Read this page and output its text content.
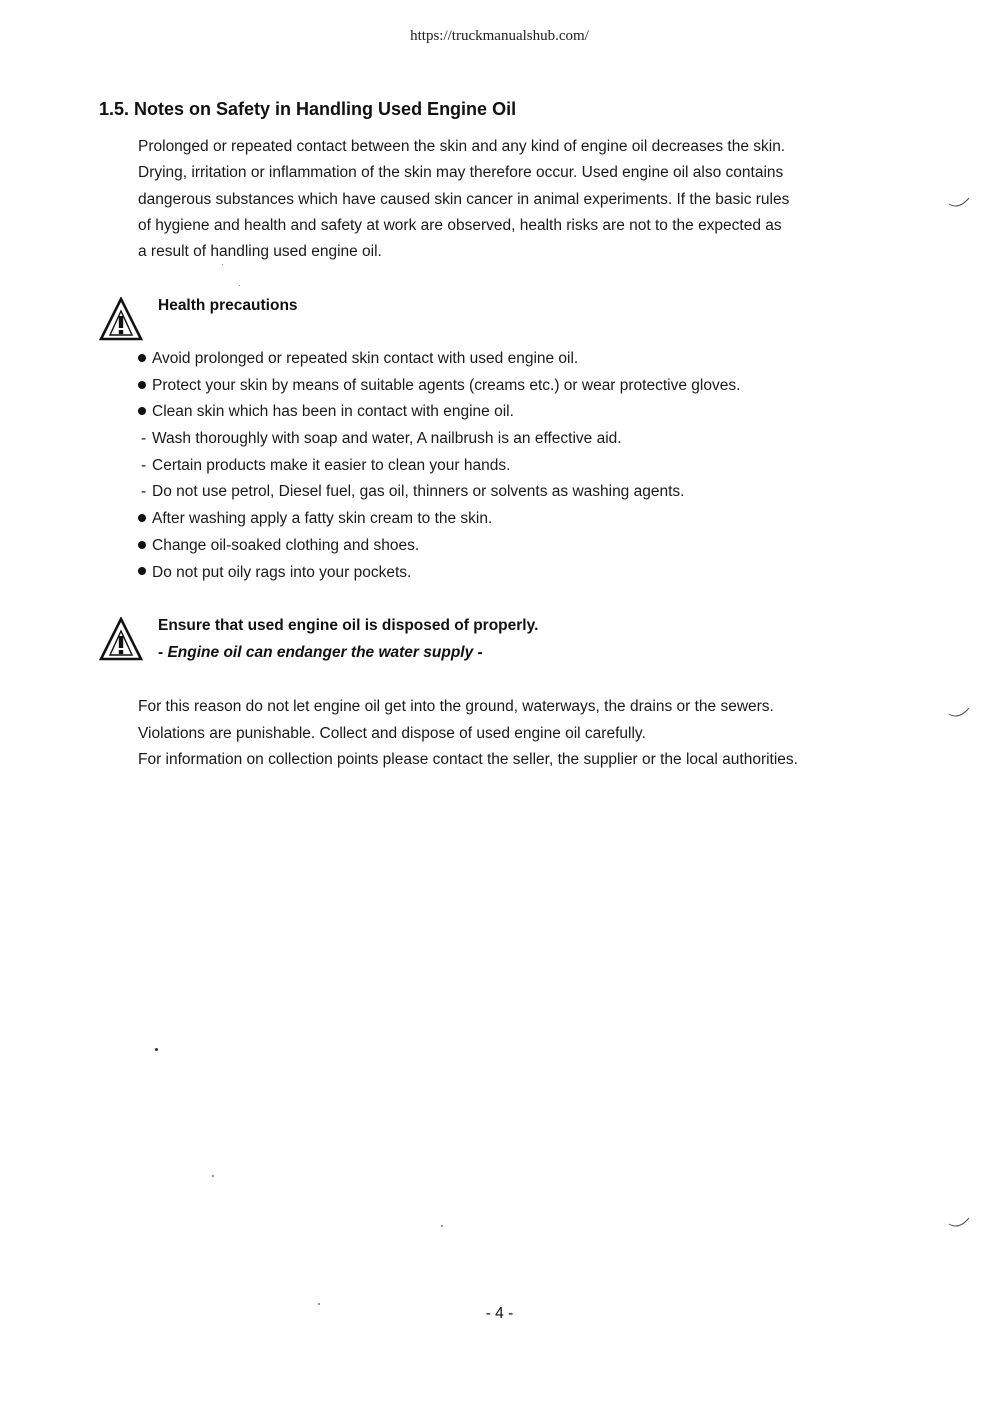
https://truckmanualshub.com/
1.5. Notes on Safety in Handling Used Engine Oil

Prolonged or repeated contact between the skin and any kind of engine oil decreases the skin.

Drying, irritation or inflammation of the skin may therefore occur. Used engine oil also contains

dangerous substances which have caused skin cancer in animal experiments. If the basic rules

of hygiene and health and safety at work are observed, health risks are not to the expected as

a result of handling used engine oil.

Health precautions
Avoid prolonged or repeated skin contact with used engine oil.
Protect your skin by means of suitable agents (creams etc.) or wear protective gloves.
Clean skin which has been in contact with engine oil.
- Wash thoroughly with soap and water, A nailbrush is an effective aid.
- Certain products make it easier to clean your hands.
- Do not use petrol, Diesel fuel, gas oil, thinners or solvents as washing agents.
After washing apply a fatty skin cream to the skin.
Change oil-soaked clothing and shoes.
Do not put oily rags into your pockets.
Ensure that used engine oil is disposed of properly.
- Engine oil can endanger the water supply -

For this reason do not let engine oil get into the ground, waterways, the drains or the sewers.

Violations are punishable. Collect and dispose of used engine oil carefully.

For information on collection points please contact the seller, the supplier or the local authorities.

- 4 -
